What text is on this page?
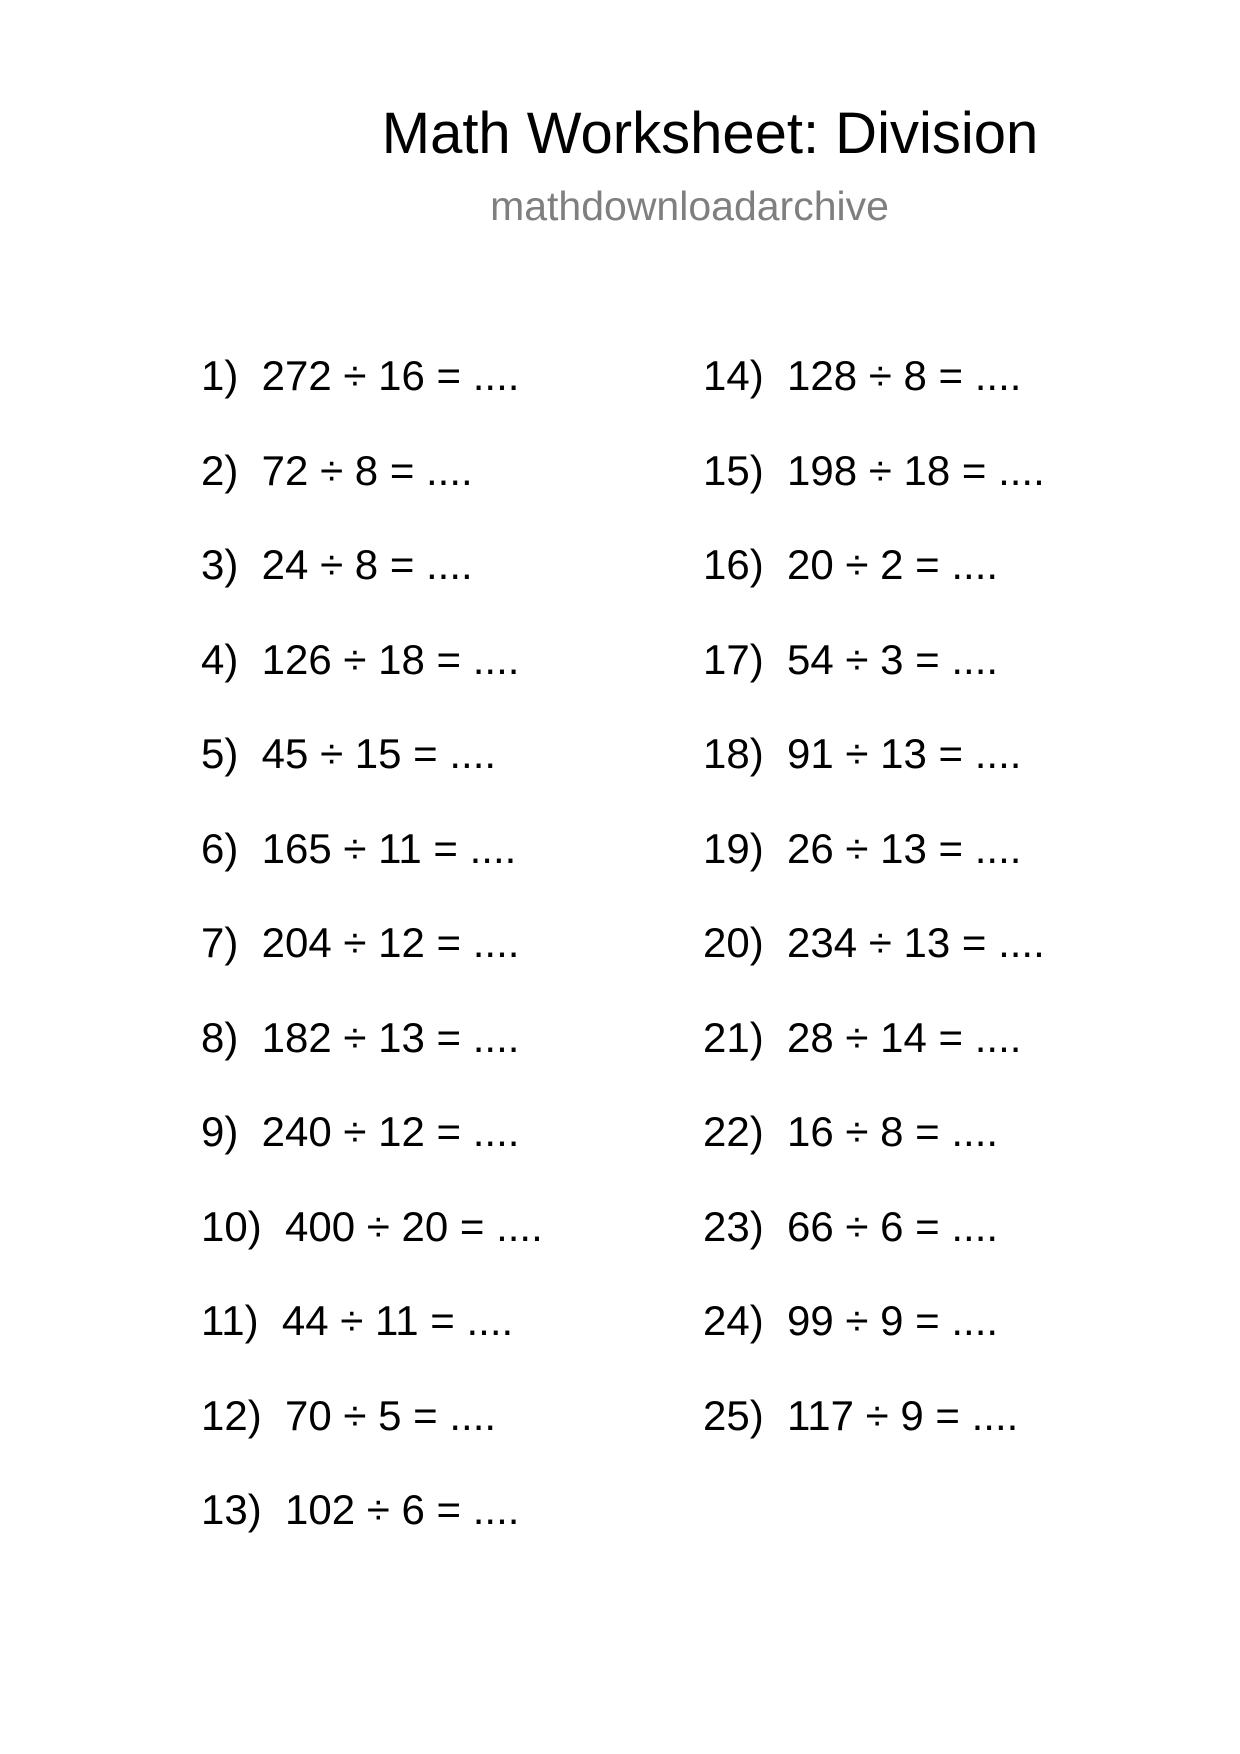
Math Worksheet: Division
mathdownloadarchive
1)  272 ÷ 16 = ....
2)  72 ÷ 8 = ....
3)  24 ÷ 8 = ....
4)  126 ÷ 18 = ....
5)  45 ÷ 15 = ....
6)  165 ÷ 11 = ....
7)  204 ÷ 12 = ....
8)  182 ÷ 13 = ....
9)  240 ÷ 12 = ....
10)  400 ÷ 20 = ....
11)  44 ÷ 11 = ....
12)  70 ÷ 5 = ....
13)  102 ÷ 6 = ....
14)  128 ÷ 8 = ....
15)  198 ÷ 18 = ....
16)  20 ÷ 2 = ....
17)  54 ÷ 3 = ....
18)  91 ÷ 13 = ....
19)  26 ÷ 13 = ....
20)  234 ÷ 13 = ....
21)  28 ÷ 14 = ....
22)  16 ÷ 8 = ....
23)  66 ÷ 6 = ....
24)  99 ÷ 9 = ....
25)  117 ÷ 9 = ....
